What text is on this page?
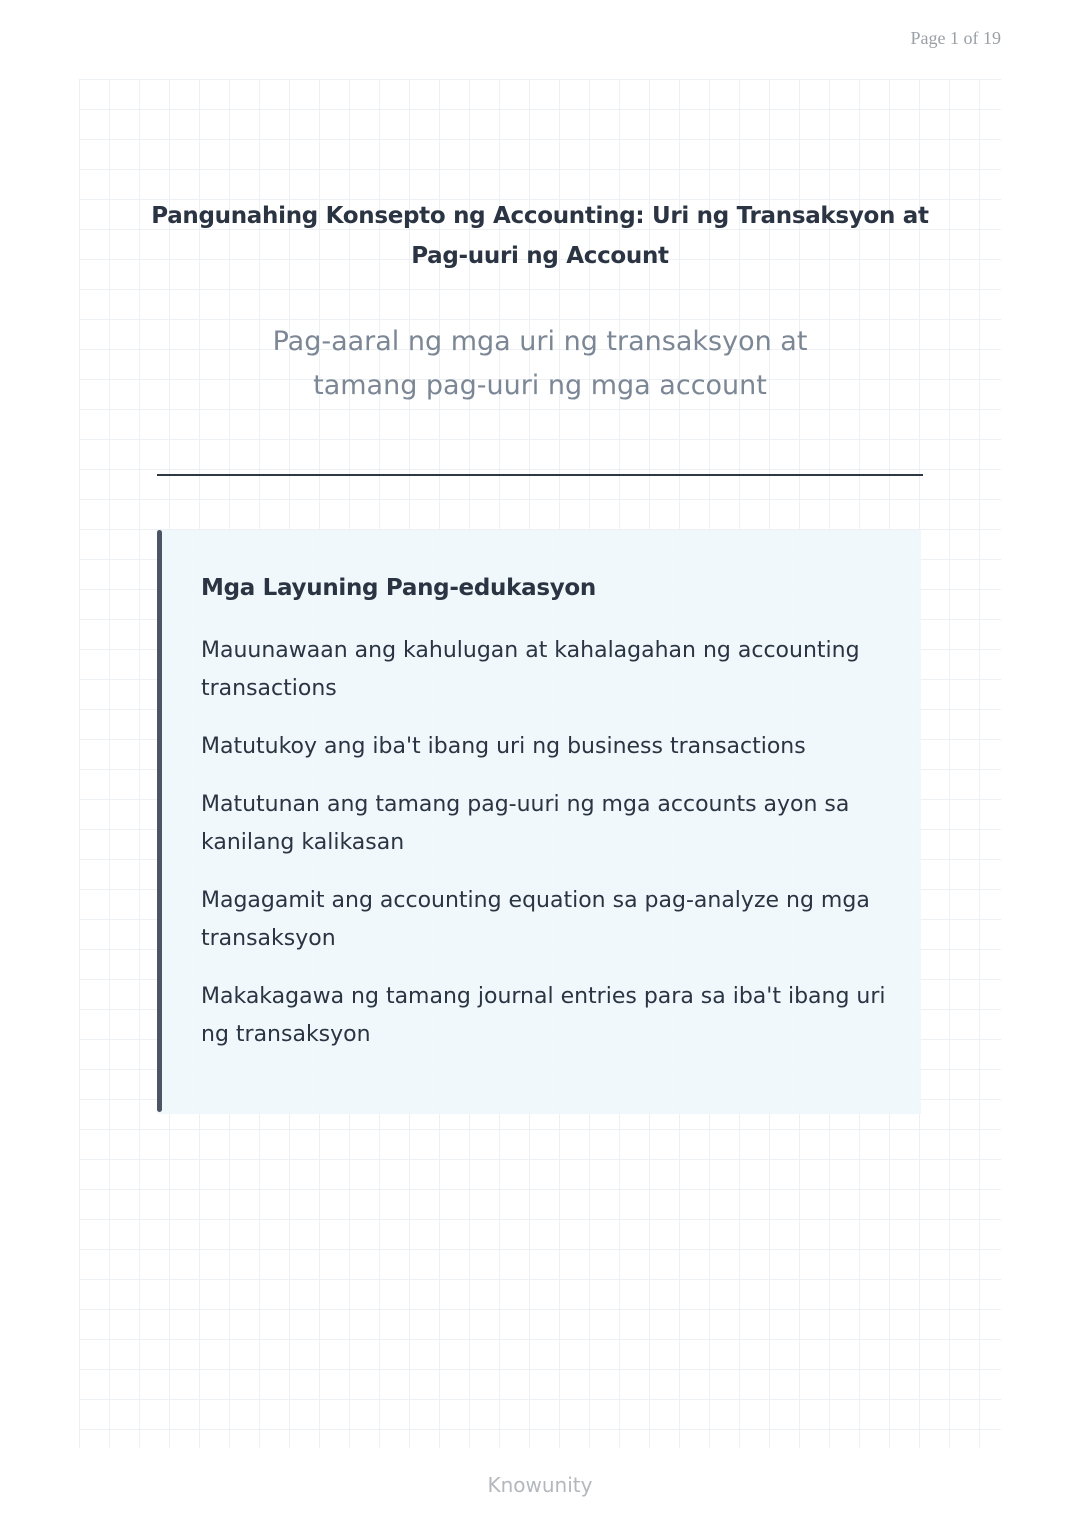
Page 1 of 19
Pangunahing Konsepto ng Accounting: Uri ng Transaksyon at Pag-uuri ng Account

Pag-aaral ng mga uri ng transaksyon at tamang pag-uuri ng mga account

Mga Layuning Pang-edukasyon
Mauunawaan ang kahulugan at kahalagahan ng accounting transactions
Matutukoy ang iba't ibang uri ng business transactions
Matutunan ang tamang pag-uuri ng mga accounts ayon sa kanilang kalikasan
Magagamit ang accounting equation sa pag-analyze ng mga transaksyon
Makakagawa ng tamang journal entries para sa iba't ibang uri ng transaksyon
Knowunity
